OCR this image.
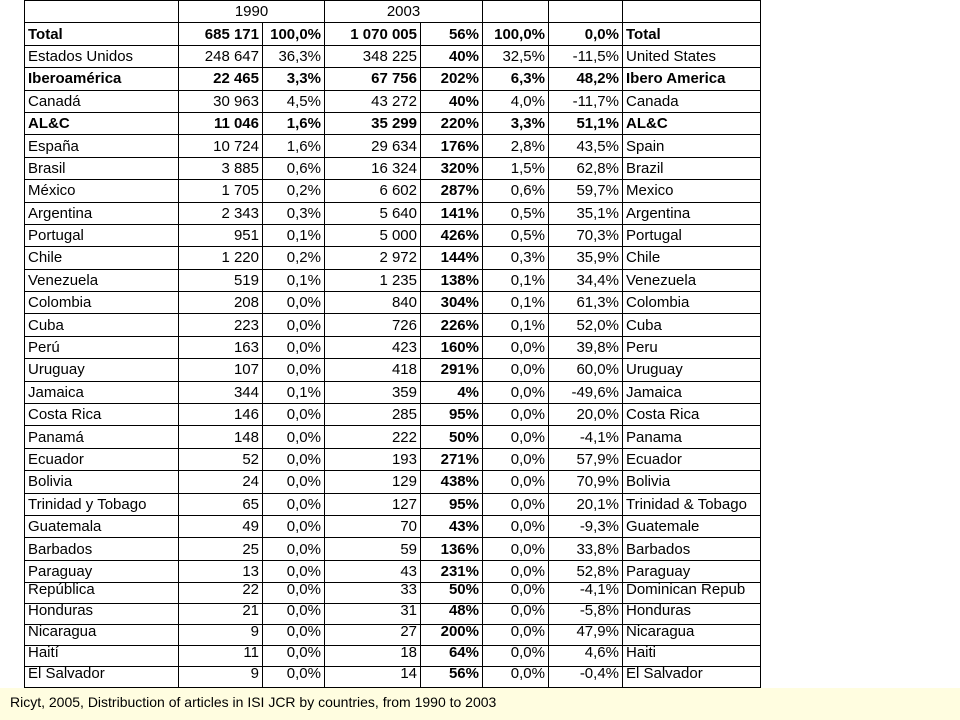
	1990		2003				
Total	685 171	100,0%	1 070 005	56%	100,0%	0,0%	Total
Estados Unidos	248 647	36,3%	348 225	40%	32,5%	-11,5%	United States
Iberoamérica	22 465	3,3%	67 756	202%	6,3%	48,2%	Ibero America
Canadá	30 963	4,5%	43 272	40%	4,0%	-11,7%	Canada
AL&C	11 046	1,6%	35 299	220%	3,3%	51,1%	AL&C
España	10 724	1,6%	29 634	176%	2,8%	43,5%	Spain
Brasil	3 885	0,6%	16 324	320%	1,5%	62,8%	Brazil
México	1 705	0,2%	6 602	287%	0,6%	59,7%	Mexico
Argentina	2 343	0,3%	5 640	141%	0,5%	35,1%	Argentina
Portugal	951	0,1%	5 000	426%	0,5%	70,3%	Portugal
Chile	1 220	0,2%	2 972	144%	0,3%	35,9%	Chile
Venezuela	519	0,1%	1 235	138%	0,1%	34,4%	Venezuela
Colombia	208	0,0%	840	304%	0,1%	61,3%	Colombia
Cuba	223	0,0%	726	226%	0,1%	52,0%	Cuba
Perú	163	0,0%	423	160%	0,0%	39,8%	Peru
Uruguay	107	0,0%	418	291%	0,0%	60,0%	Uruguay
Jamaica	344	0,1%	359	4%	0,0%	-49,6%	Jamaica
Costa Rica	146	0,0%	285	95%	0,0%	20,0%	Costa Rica
Panamá	148	0,0%	222	50%	0,0%	-4,1%	Panama
Ecuador	52	0,0%	193	271%	0,0%	57,9%	Ecuador
Bolivia	24	0,0%	129	438%	0,0%	70,9%	Bolivia
Trinidad y Tobago	65	0,0%	127	95%	0,0%	20,1%	Trinidad & Tobago
Guatemala	49	0,0%	70	43%	0,0%	-9,3%	Guatemale
Barbados	25	0,0%	59	136%	0,0%	33,8%	Barbados
Paraguay	13	0,0%	43	231%	0,0%	52,8%	Paraguay
República	22	0,0%	33	50%	0,0%	-4,1%	Dominican Repub
Honduras	21	0,0%	31	48%	0,0%	-5,8%	Honduras
Nicaragua	9	0,0%	27	200%	0,0%	47,9%	Nicaragua
Haití	11	0,0%	18	64%	0,0%	4,6%	Haiti
El Salvador	9	0,0%	14	56%	0,0%	-0,4%	El Salvador
Ricyt, 2005, Distribuction of articles in ISI JCR by countries, from 1990 to 2003
